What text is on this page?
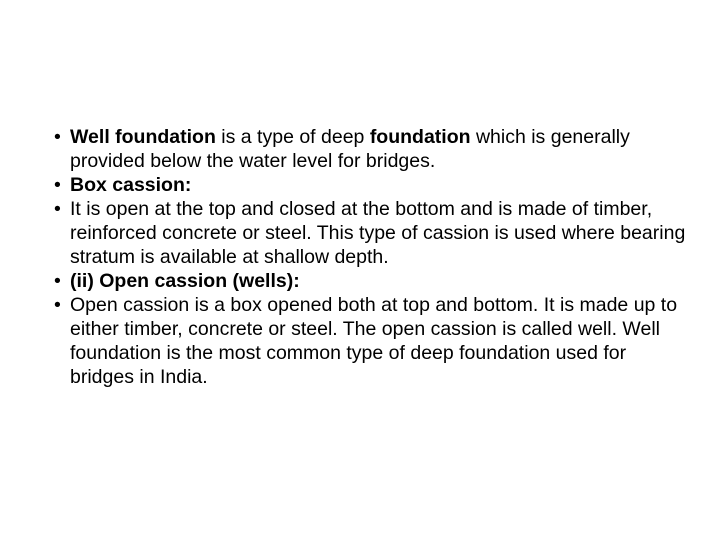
• Well foundation is a type of deep foundation which is generally provided below the water level for bridges.
• Box cassion:
• It is open at the top and closed at the bottom and is made of timber, reinforced concrete or steel. This type of cassion is used where bearing stratum is available at shallow depth.
• (ii) Open cassion (wells):
• Open cassion is a box opened both at top and bottom. It is made up to either timber, concrete or steel. The open cassion is called well. Well foundation is the most common type of deep foundation used for bridges in India.
